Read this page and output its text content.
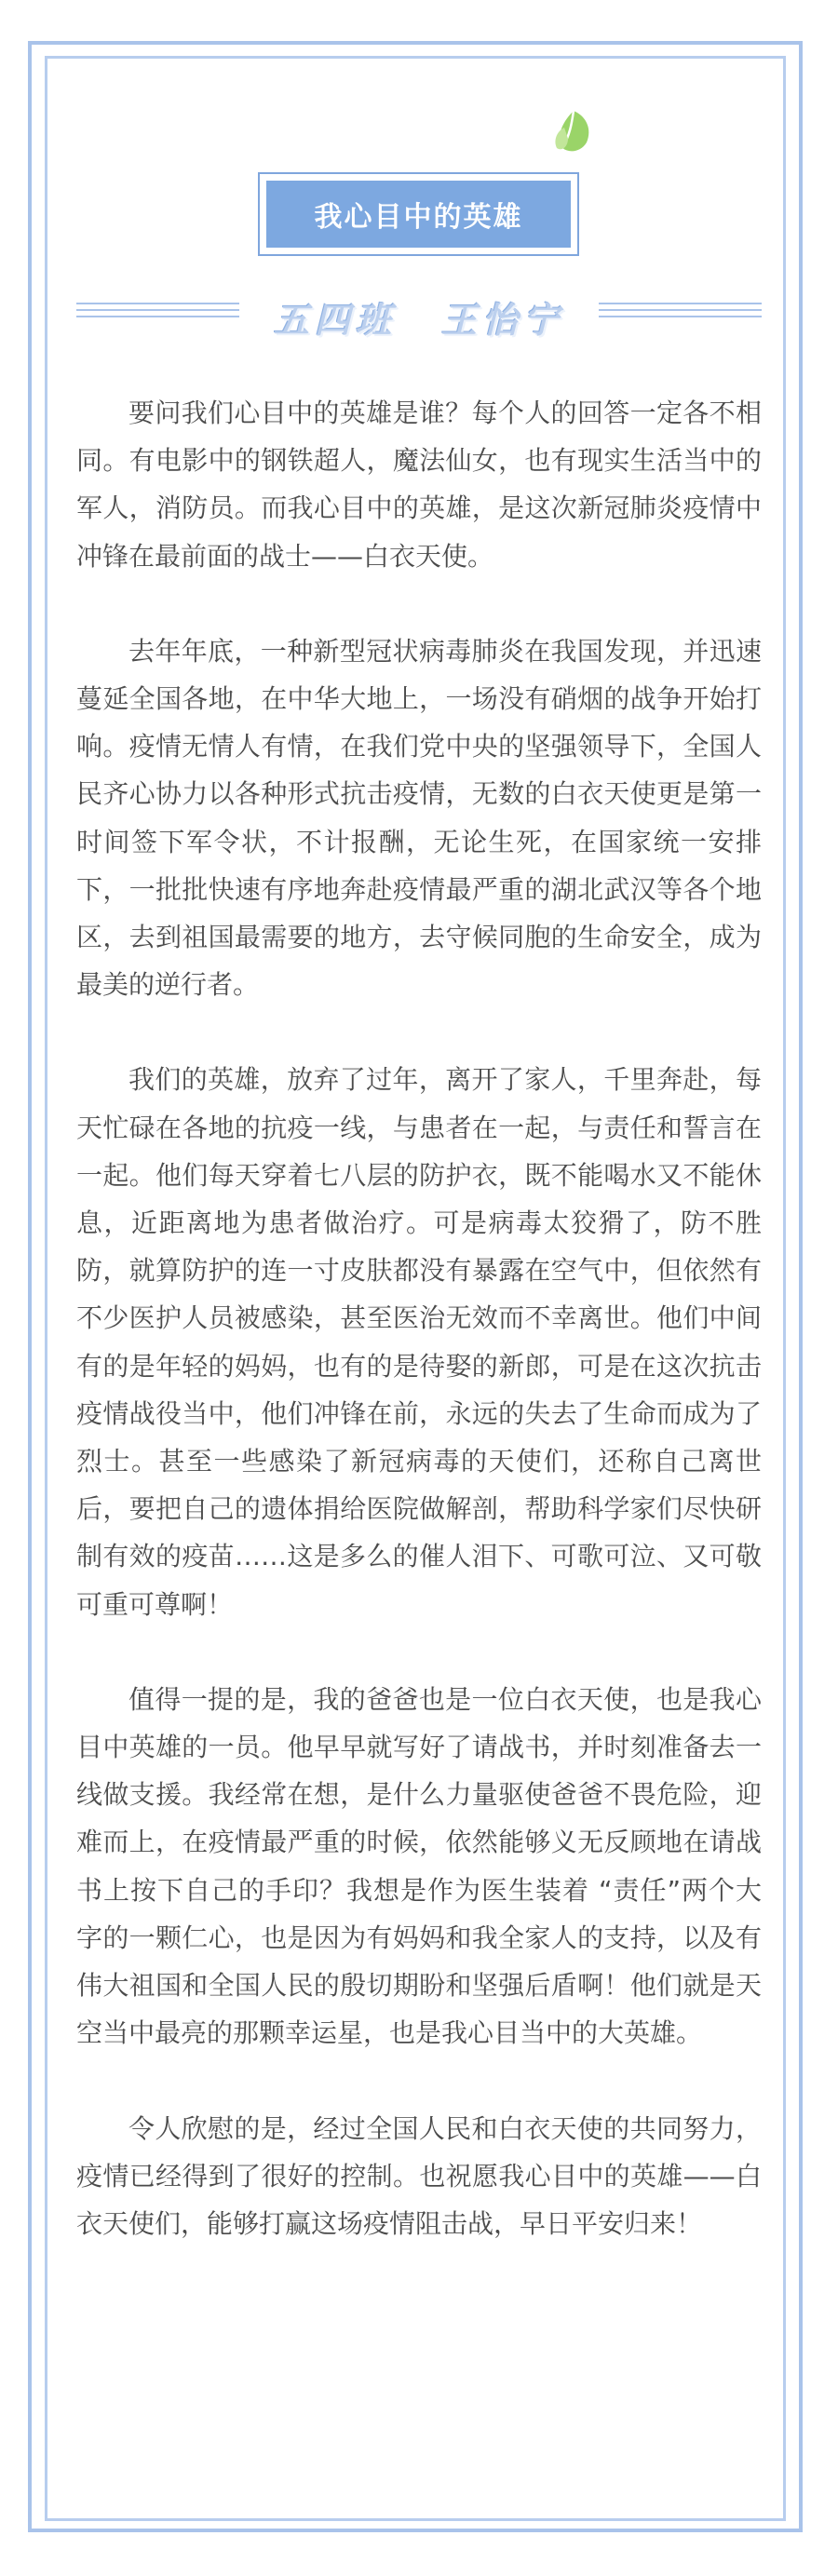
我心目中的英雄
五四班 王怡宁

要问我们心目中的英雄是谁？每个人的回答一定各不相同。有电影中的钢铁超人，魔法仙女，也有现实生活当中的军人，消防员。而我心目中的英雄，是这次新冠肺炎疫情中冲锋在最前面的战士——白衣天使。

去年年底，一种新型冠状病毒肺炎在我国发现，并迅速蔓延全国各地，在中华大地上，一场没有硝烟的战争开始打响。疫情无情人有情，在我们党中央的坚强领导下，全国人民齐心协力以各种形式抗击疫情，无数的白衣天使更是第一时间签下军令状，不计报酬，无论生死，在国家统一安排下，一批批快速有序地奔赴疫情最严重的湖北武汉等各个地区，去到祖国最需要的地方，去守候同胞的生命安全，成为最美的逆行者。

我们的英雄，放弃了过年，离开了家人，千里奔赴，每天忙碌在各地的抗疫一线，与患者在一起，与责任和誓言在一起。他们每天穿着七八层的防护衣，既不能喝水又不能休息，近距离地为患者做治疗。可是病毒太狡猾了，防不胜防，就算防护的连一寸皮肤都没有暴露在空气中，但依然有不少医护人员被感染，甚至医治无效而不幸离世。他们中间有的是年轻的妈妈，也有的是待娶的新郎，可是在这次抗击疫情战役当中，他们冲锋在前，永远的失去了生命而成为了烈士。甚至一些感染了新冠病毒的天使们，还称自己离世后，要把自己的遗体捐给医院做解剖，帮助科学家们尽快研制有效的疫苗……这是多么的催人泪下、可歌可泣、又可敬可重可尊啊！

值得一提的是，我的爸爸也是一位白衣天使，也是我心目中英雄的一员。他早早就写好了请战书，并时刻准备去一线做支援。我经常在想，是什么力量驱使爸爸不畏危险，迎难而上，在疫情最严重的时候，依然能够义无反顾地在请战书上按下自己的手印？我想是作为医生装着 “责任”两个大字的一颗仁心，也是因为有妈妈和我全家人的支持，以及有伟大祖国和全国人民的殷切期盼和坚强后盾啊！他们就是天空当中最亮的那颗幸运星，也是我心目当中的大英雄。

令人欣慰的是，经过全国人民和白衣天使的共同努力， 疫情已经得到了很好的控制。也祝愿我心目中的英雄——白衣天使们，能够打赢这场疫情阻击战，早日平安归来！
